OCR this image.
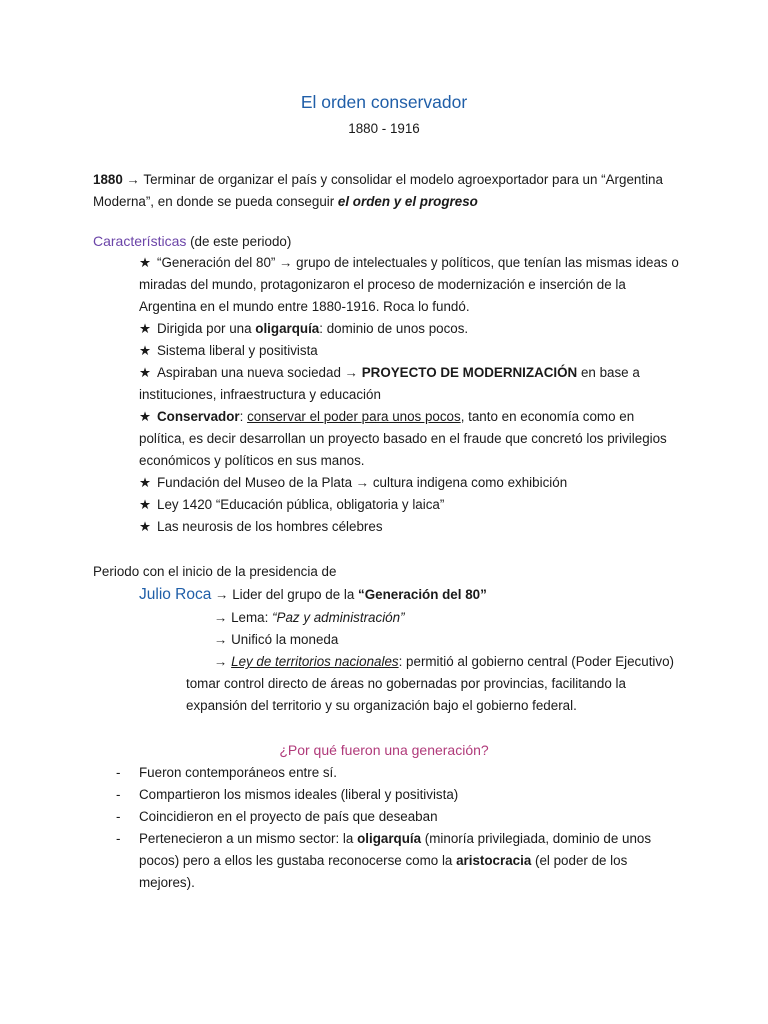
El orden conservador
1880 - 1916
1880 → Terminar de organizar el país y consolidar el modelo agroexportador para un “Argentina Moderna”, en donde se pueda conseguir el orden y el progreso
Características (de este periodo)

★ “Generación del 80” → grupo de intelectuales y políticos, que tenían las mismas ideas o miradas del mundo, protagonizaron el proceso de modernización e inserción de la Argentina en el mundo entre 1880-1916. Roca lo fundó.

★ Dirigida por una oligarquía: dominio de unos pocos.

★ Sistema liberal y positivista

★ Aspiraban una nueva sociedad → PROYECTO DE MODERNIZACIÓN en base a instituciones, infraestructura y educación

★ Conservador: conservar el poder para unos pocos, tanto en economía como en política, es decir desarrollan un proyecto basado en el fraude que concretó los privilegios económicos y políticos en sus manos.

★ Fundación del Museo de la Plata → cultura indigena como exhibición

★ Ley 1420 “Educación pública, obligatoria y laica”

★ Las neurosis de los hombres célebres

Periodo con el inicio de la presidencia de
Julio Roca → Lider del grupo de la “Generación del 80”
→ Lema: “Paz y administración”
→ Unificó la moneda
→ Ley de territorios nacionales: permitió al gobierno central (Poder Ejecutivo)
tomar control directo de áreas no gobernadas por provincias, facilitando la expansión del territorio y su organización bajo el gobierno federal.
¿Por qué fueron una generación?
- Fueron contemporáneos entre sí.
- Compartieron los mismos ideales (liberal y positivista)
- Coincidieron en el proyecto de país que deseaban
- Pertenecieron a un mismo sector: la oligarquía (minoría privilegiada, dominio de unos pocos) pero a ellos les gustaba reconocerse como la aristocracia (el poder de los mejores).
